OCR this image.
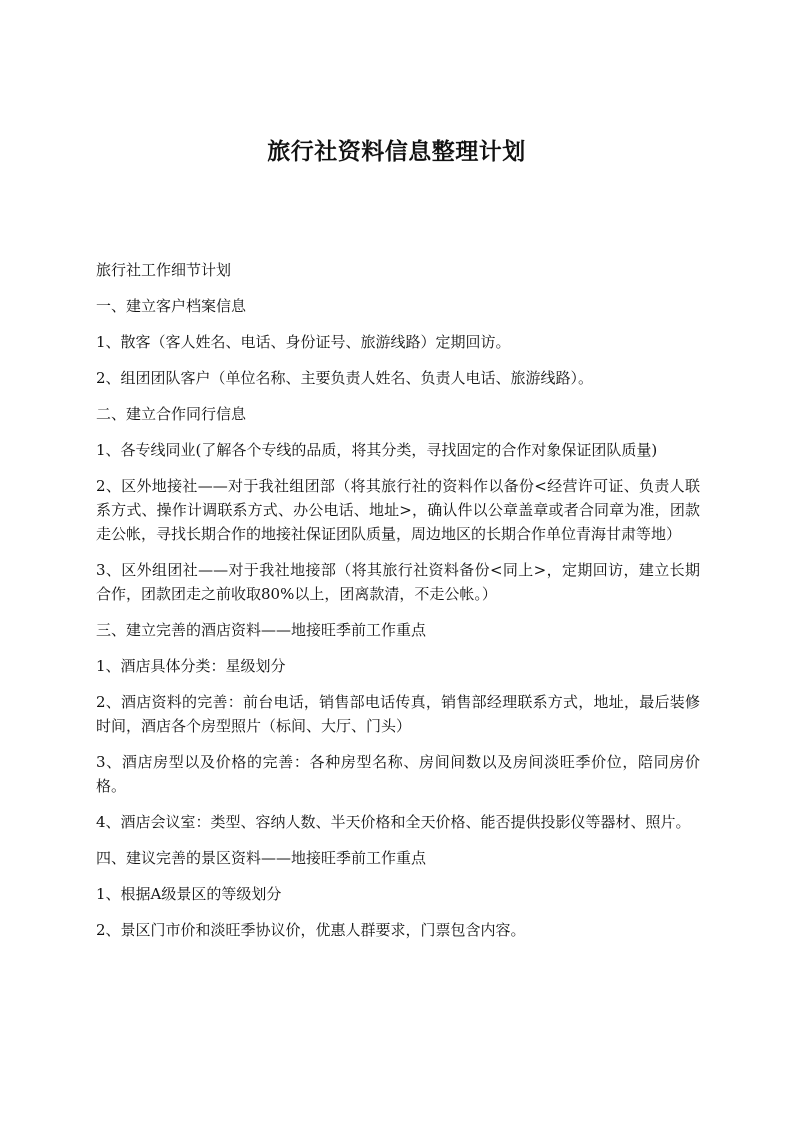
旅行社资料信息整理计划

旅行社工作细节计划

一、建立客户档案信息

1、散客（客人姓名、电话、身份证号、旅游线路）定期回访。

2、组团团队客户（单位名称、主要负责人姓名、负责人电话、旅游线路）。

二、建立合作同行信息

1、各专线同业(了解各个专线的品质，将其分类，寻找固定的合作对象保证团队质量)

2、区外地接社——对于我社组团部（将其旅行社的资料作以备份<经营许可证、负责人联系方式、操作计调联系方式、办公电话、地址>，确认件以公章盖章或者合同章为准，团款走公帐，寻找长期合作的地接社保证团队质量，周边地区的长期合作单位青海甘肃等地）

3、区外组团社——对于我社地接部（将其旅行社资料备份<同上>，定期回访，建立长期合作，团款团走之前收取80%以上，团离款清，不走公帐。）

三、建立完善的酒店资料——地接旺季前工作重点

1、酒店具体分类：星级划分

2、酒店资料的完善：前台电话，销售部电话传真，销售部经理联系方式，地址，最后装修时间，酒店各个房型照片（标间、大厅、门头）

3、酒店房型以及价格的完善：各种房型名称、房间间数以及房间淡旺季价位，陪同房价格。

4、酒店会议室：类型、容纳人数、半天价格和全天价格、能否提供投影仪等器材、照片。

四、建议完善的景区资料——地接旺季前工作重点

1、根据A级景区的等级划分

2、景区门市价和淡旺季协议价，优惠人群要求，门票包含内容。
